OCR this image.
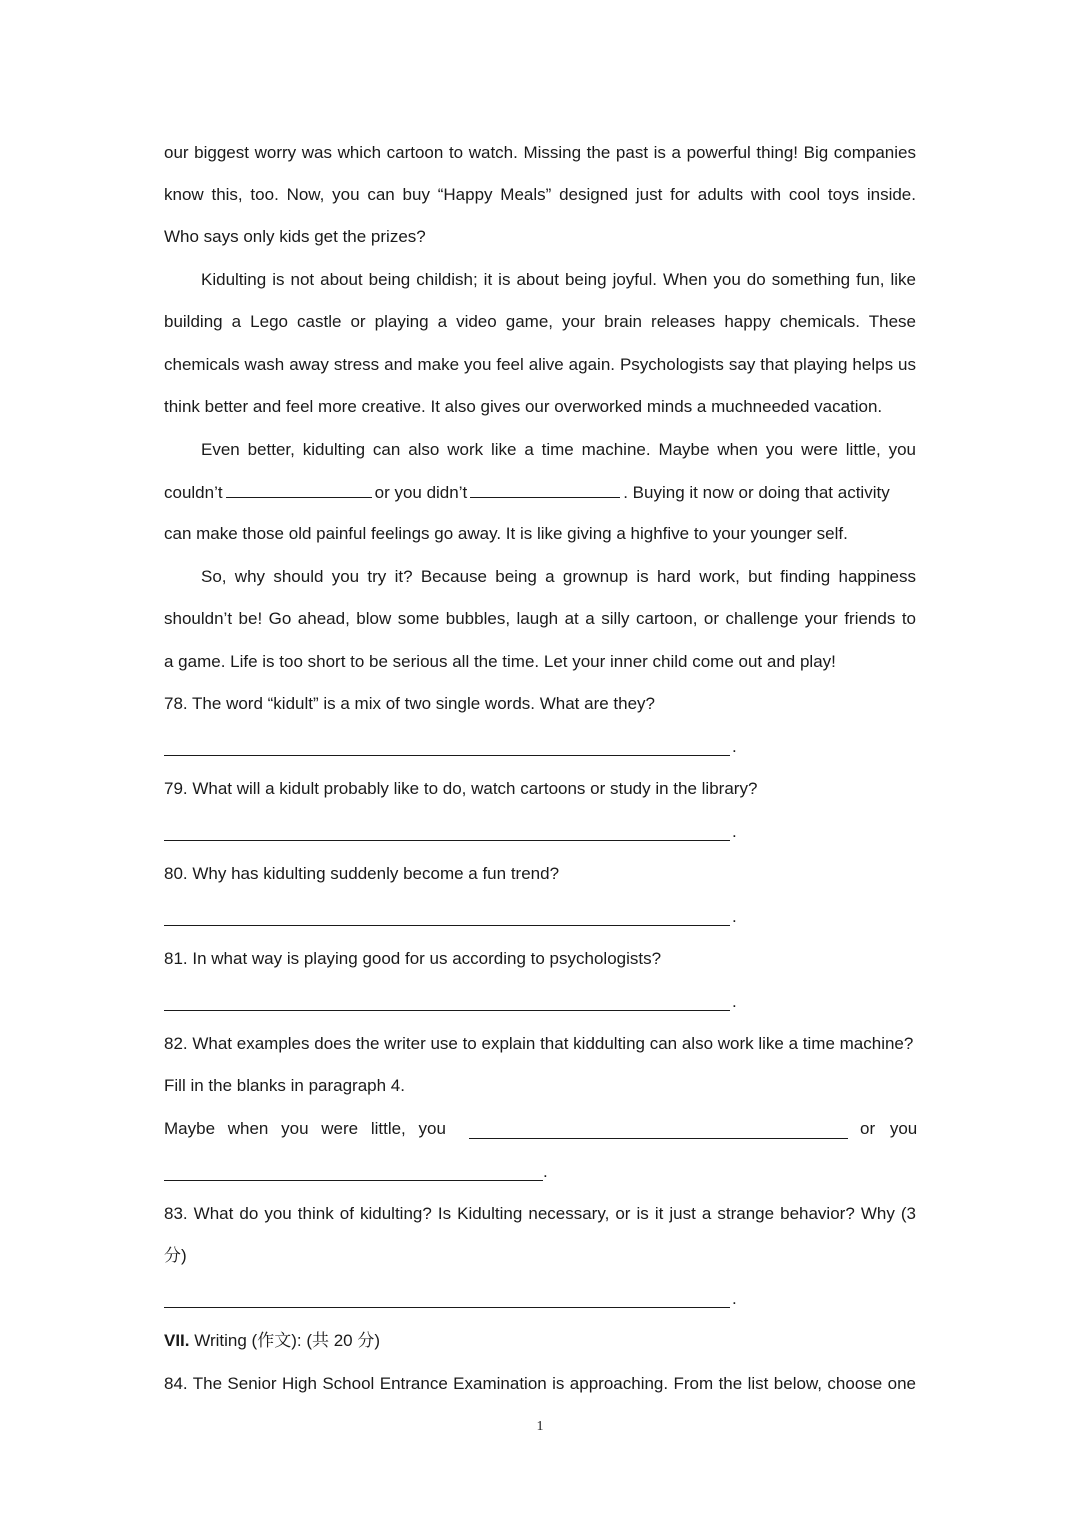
our biggest worry was which cartoon to watch. Missing the past is a powerful thing! Big companies
know this, too. Now, you can buy “Happy Meals” designed just for adults with cool toys inside.
Who says only kids get the prizes?
Kidulting is not about being childish; it is about being joyful. When you do something fun, like
building a Lego castle or playing a video game, your brain releases happy chemicals. These
chemicals wash away stress and make you feel alive again. Psychologists say that playing helps us
think better and feel more creative. It also gives our overworked minds a muchneeded vacation.
Even better, kidulting can also work like a time machine. Maybe when you were little, you
couldn’t	or you didn’t	. Buying it now or doing that activity
can make those old painful feelings go away. It is like giving a highfive to your younger self.
So, why should you try it? Because being a grownup is hard work, but finding happiness
shouldn’t be! Go ahead, blow some bubbles, laugh at a silly cartoon, or challenge your friends to
a game. Life is too short to be serious all the time. Let your inner child come out and play!
78. The word “kidult” is a mix of two single words. What are they?
.
79. What will a kidult probably like to do, watch cartoons or study in the library?
.
80. Why has kidulting suddenly become a fun trend?
.
81. In what way is playing good for us according to psychologists?
.
82. What examples does the writer use to explain that kiddulting can also work like a time machine?
Fill in the blanks in paragraph 4.
Maybe when you were little, you	or you
.
83. What do you think of kidulting? Is Kidulting necessary, or is it just a strange behavior? Why (3
分)
.
VII. Writing (作文): (共 20 分)
84. The Senior High School Entrance Examination is approaching. From the list below, choose one
1
